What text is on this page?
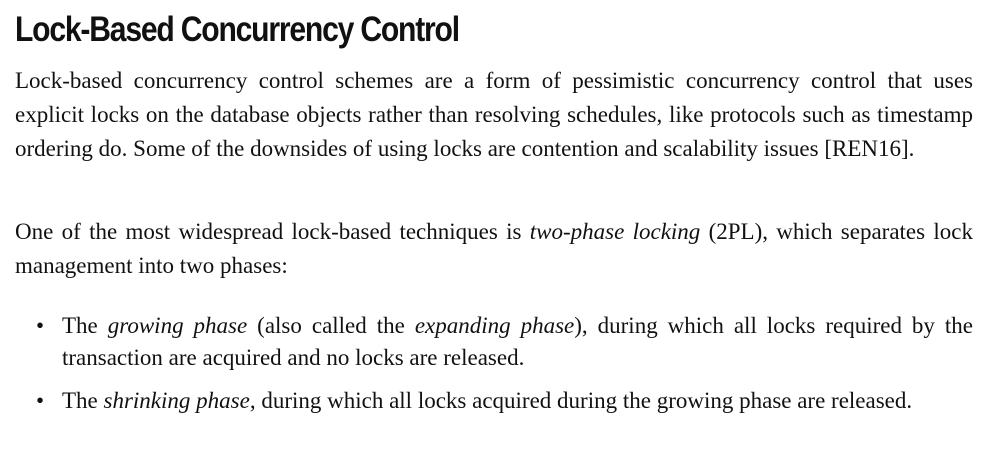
Lock-Based Concurrency Control

Lock-based concurrency control schemes are a form of pessimistic concurrency control that uses explicit locks on the database objects rather than resolving schedules, like protocols such as timestamp ordering do. Some of the downsides of using locks are contention and scalability issues [REN16].

One of the most widespread lock-based techniques is two-phase locking (2PL), which separates lock management into two phases:

• The growing phase (also called the expanding phase), during which all locks required by the transaction are acquired and no locks are released.
• The shrinking phase, during which all locks acquired during the growing phase are released.
